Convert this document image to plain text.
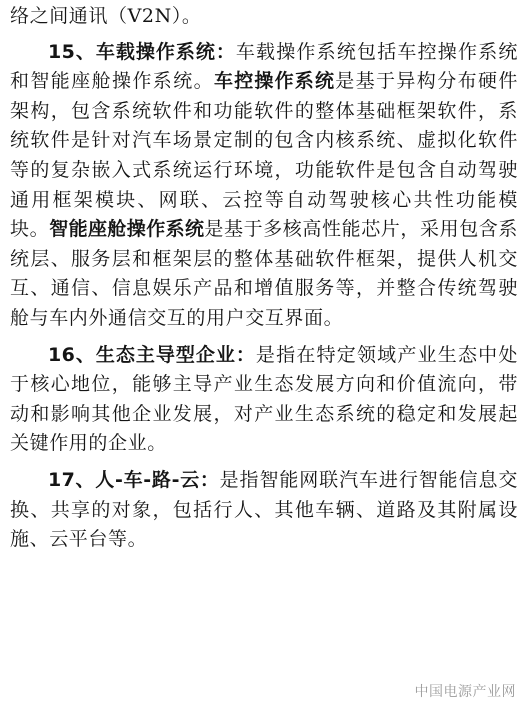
络之间通讯（V2N）。

15、车载操作系统：车载操作系统包括车控操作系统和智能座舱操作系统。车控操作系统是基于异构分布硬件架构，包含系统软件和功能软件的整体基础框架软件，系统软件是针对汽车场景定制的包含内核系统、虚拟化软件等的复杂嵌入式系统运行环境，功能软件是包含自动驾驶通用框架模块、网联、云控等自动驾驶核心共性功能模块。智能座舱操作系统是基于多核高性能芯片，采用包含系统层、服务层和框架层的整体基础软件框架，提供人机交互、通信、信息娱乐产品和增值服务等，并整合传统驾驶舱与车内外通信交互的用户交互界面。

16、生态主导型企业：是指在特定领域产业生态中处于核心地位，能够主导产业生态发展方向和价值流向，带动和影响其他企业发展，对产业生态系统的稳定和发展起关键作用的企业。

17、人-车-路-云：是指智能网联汽车进行智能信息交换、共享的对象，包括行人、其他车辆、道路及其附属设施、云平台等。

中国电源产业网
